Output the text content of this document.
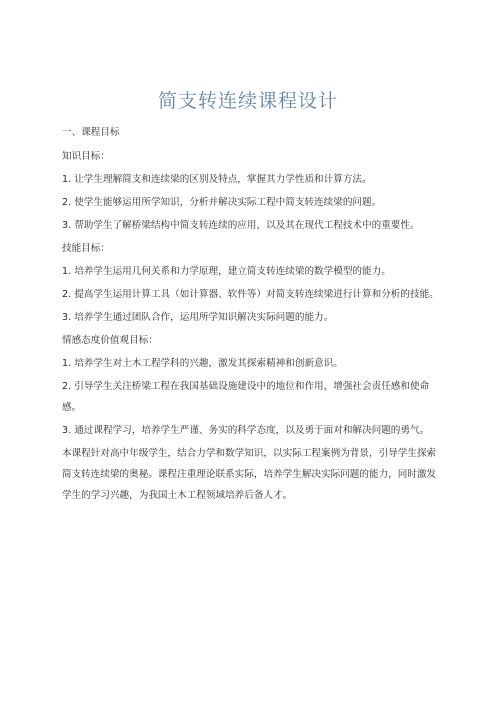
简支转连续课程设计

一、课程目标

知识目标：

1. 让学生理解简支和连续梁的区别及特点，掌握其力学性质和计算方法。

2. 使学生能够运用所学知识，分析并解决实际工程中简支转连续梁的问题。

3. 帮助学生了解桥梁结构中简支转连续的应用，以及其在现代工程技术中的重要性。

技能目标：

1. 培养学生运用几何关系和力学原理，建立简支转连续梁的数学模型的能力。

2. 提高学生运用计算工具（如计算器、软件等）对简支转连续梁进行计算和分析的技能。

3. 培养学生通过团队合作，运用所学知识解决实际问题的能力。

情感态度价值观目标：

1. 培养学生对土木工程学科的兴趣，激发其探索精神和创新意识。

2. 引导学生关注桥梁工程在我国基础设施建设中的地位和作用，增强社会责任感和使命感。

3. 通过课程学习，培养学生严谨、务实的科学态度，以及勇于面对和解决问题的勇气。

本课程针对高中年级学生，结合力学和数学知识，以实际工程案例为背景，引导学生探索简支转连续梁的奥秘。课程注重理论联系实际，培养学生解决实际问题的能力，同时激发学生的学习兴趣，为我国土木工程领域培养后备人才。
